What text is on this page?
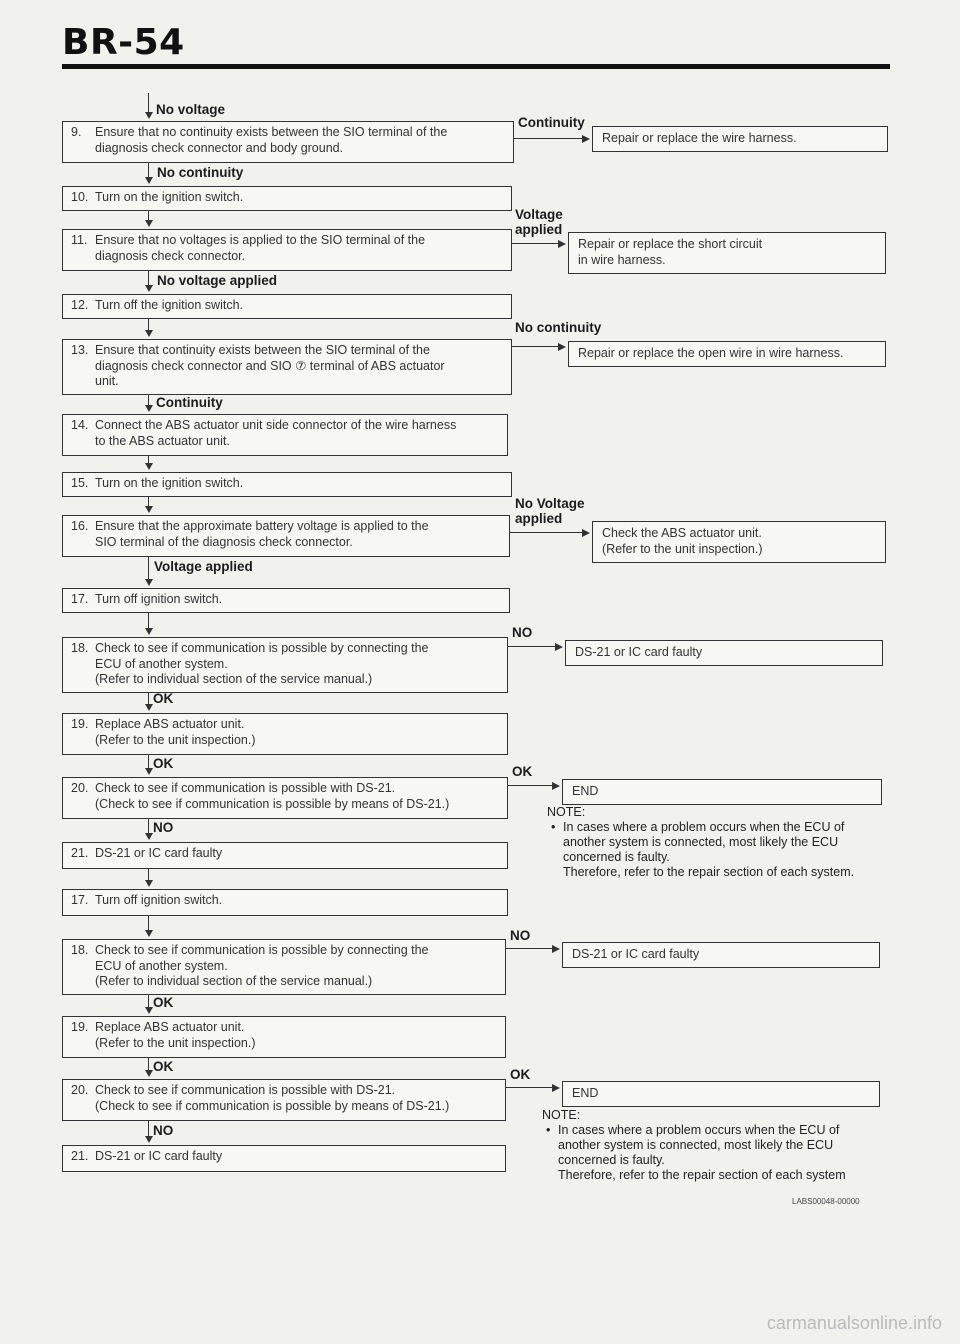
BR-54
9. Ensure that no continuity exists between the SIO terminal of the
diagnosis check connector and body ground.
10. Turn on the ignition switch.
11. Ensure that no voltages is applied to the SIO terminal of the
diagnosis check connector.
12. Turn off the ignition switch.
13. Ensure that continuity exists between the SIO terminal of the
diagnosis check connector and SIO ⑦ terminal of ABS actuator
unit.
14. Connect the ABS actuator unit side connector of the wire harness
to the ABS actuator unit.
15. Turn on the ignition switch.
16. Ensure that the approximate battery voltage is applied to the
SIO terminal of the diagnosis check connector.
17. Turn off ignition switch.
18. Check to see if communication is possible by connecting the
ECU of another system.
(Refer to individual section of the service manual.)
19. Replace ABS actuator unit.
(Refer to the unit inspection.)
20. Check to see if communication is possible with DS-21.
(Check to see if communication is possible by means of DS-21.)
21. DS-21 or IC card faulty
17. Turn off ignition switch.
18. Check to see if communication is possible by connecting the
ECU of another system.
(Refer to individual section of the service manual.)
19. Replace ABS actuator unit.
(Refer to the unit inspection.)
20. Check to see if communication is possible with DS-21.
(Check to see if communication is possible by means of DS-21.)
21. DS-21 or IC card faulty
Repair or replace the wire harness.
Repair or replace the short circuit
in wire harness.
Repair or replace the open wire in wire harness.
Check the ABS actuator unit.
(Refer to the unit inspection.)
DS-21 or IC card faulty
END
DS-21 or IC card faulty
END
No voltage
Continuity
No continuity
Voltage
applied
No voltage applied
No continuity
Continuity
No Voltage
applied
Voltage applied
NO
OK
OK
OK
NO
NO
OK
OK
OK
NO
NOTE:
• In cases where a problem occurs when the ECU of
another system is connected, most likely the ECU
concerned is faulty.
Therefore, refer to the repair section of each system.
NOTE:
• In cases where a problem occurs when the ECU of
another system is connected, most likely the ECU
concerned is faulty.
Therefore, refer to the repair section of each system
LABS00048-00000
carmanualsonline.info
